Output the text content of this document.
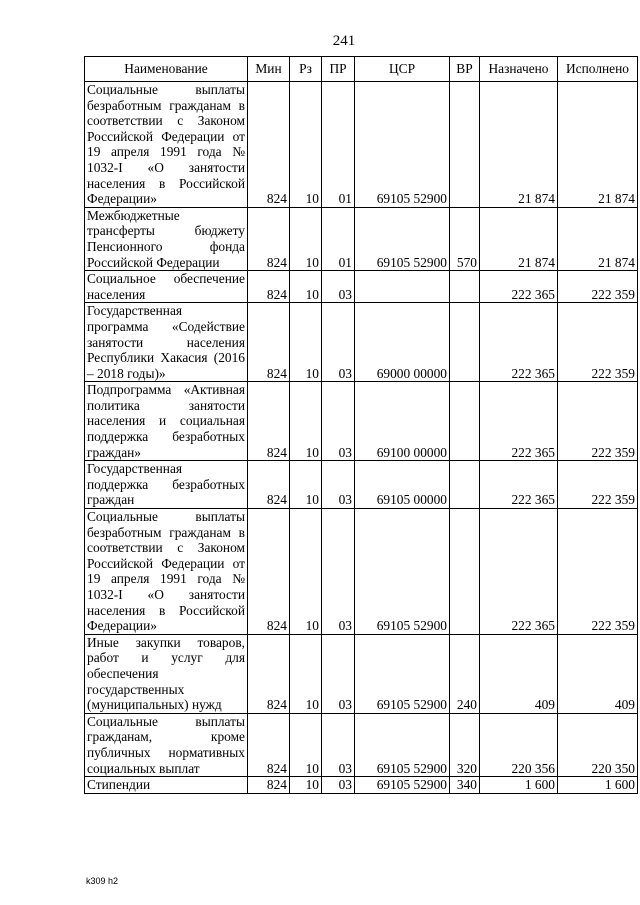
241
Наименование	Мин	Рз	ПР	ЦСР	ВР	Назначено	Исполнено
Социальные выплаты безработным гражданам в соответствии с Законом Российской Федерации от 19 апреля 1991 года № 1032-I «О занятости населения в Российской Федерации»	824	10	01	69105 52900		21 874	21 874
Межбюджетные трансферты бюджету Пенсионного фонда Российской Федерации	824	10	01	69105 52900	570	21 874	21 874
Социальное обеспечение населения	824	10	03			222 365	222 359
Государственная программа «Содействие занятости населения Республики Хакасия (2016 – 2018 годы)»	824	10	03	69000 00000		222 365	222 359
Подпрограмма «Активная политика занятости населения и социальная поддержка безработных граждан»	824	10	03	69100 00000		222 365	222 359
Государственная поддержка безработных граждан	824	10	03	69105 00000		222 365	222 359
Социальные выплаты безработным гражданам в соответствии с Законом Российской Федерации от 19 апреля 1991 года № 1032-I «О занятости населения в Российской Федерации»	824	10	03	69105 52900		222 365	222 359
Иные закупки товаров, работ и услуг для обеспечения государственных (муниципальных) нужд	824	10	03	69105 52900	240	409	409
Социальные выплаты гражданам, кроме публичных нормативных социальных выплат	824	10	03	69105 52900	320	220 356	220 350
Стипендии	824	10	03	69105 52900	340	1 600	1 600
k309 h2
